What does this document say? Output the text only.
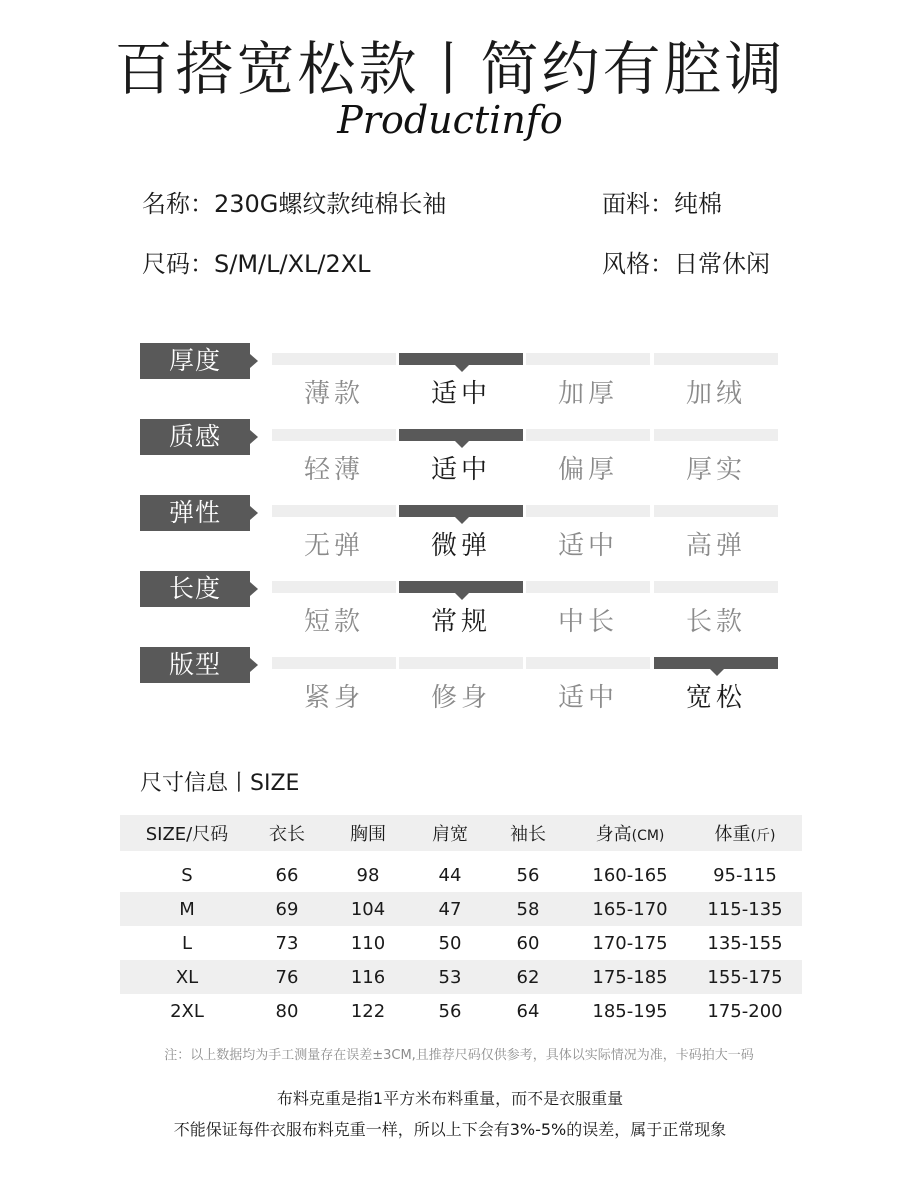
百搭宽松款丨简约有腔调
Productinfo
名称：230G螺纹款纯棉长袖	面料：纯棉
尺码：S/M/L/XL/2XL	风格：日常休闲
厚度
薄款	适中	加厚	加绒
质感
轻薄	适中	偏厚	厚实
弹性
无弹	微弹	适中	高弹
长度
短款	常规	中长	长款
版型
紧身	修身	适中	宽松
尺寸信息丨SIZE
SIZE/尺码	衣长	胸围	肩宽	袖长	身高(CM)	体重(斤)
S	66	98	44	56	160-165	95-115
M	69	104	47	58	165-170	115-135
L	73	110	50	60	170-175	135-155
XL	76	116	53	62	175-185	155-175
2XL	80	122	56	64	185-195	175-200
注：以上数据均为手工测量存在误差±3CM,且推荐尺码仅供参考，具体以实际情况为准，卡码拍大一码
布料克重是指1平方米布料重量，而不是衣服重量
不能保证每件衣服布料克重一样，所以上下会有3%-5%的误差，属于正常现象
